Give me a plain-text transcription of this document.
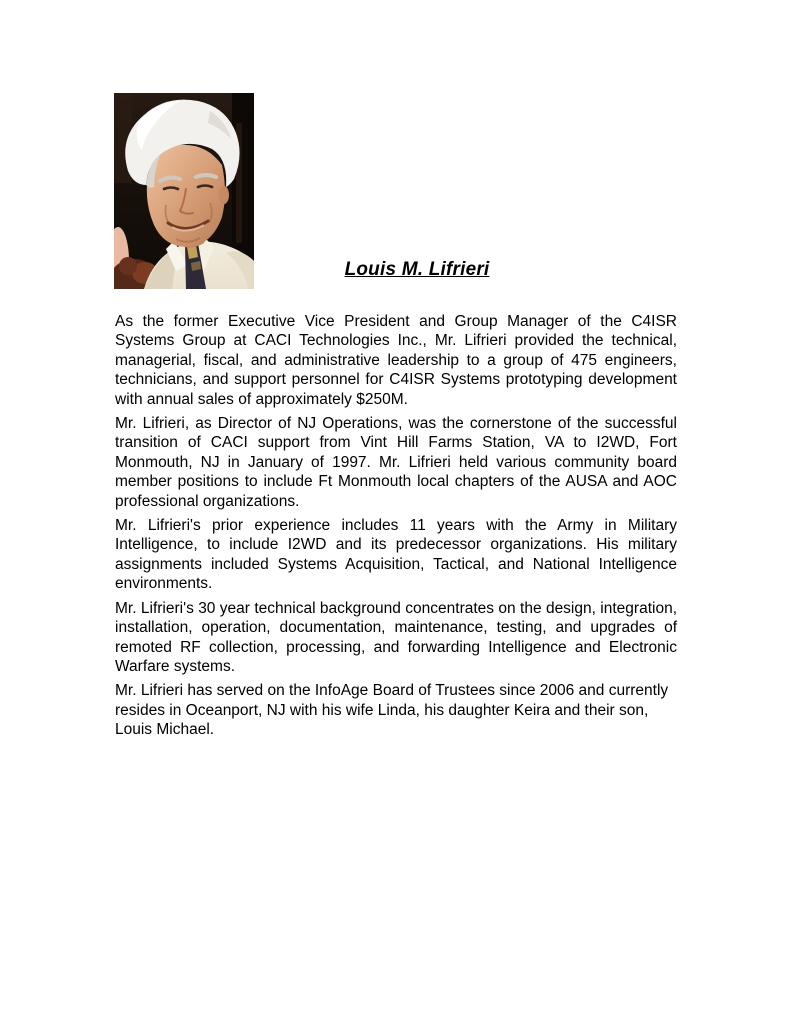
Louis M. Lifrieri

As the former Executive Vice President and Group Manager of the C4ISR Systems Group at CACI Technologies Inc., Mr. Lifrieri provided the technical, managerial, fiscal, and administrative leadership to a group of 475 engineers, technicians, and support personnel for C4ISR Systems prototyping development with annual sales of approximately $250M.

Mr. Lifrieri, as Director of NJ Operations, was the cornerstone of the successful transition of CACI support from Vint Hill Farms Station, VA to I2WD, Fort Monmouth, NJ in January of 1997. Mr. Lifrieri held various community board member positions to include Ft Monmouth local chapters of the AUSA and AOC professional organizations.

Mr. Lifrieri's prior experience includes 11 years with the Army in Military Intelligence, to include I2WD and its predecessor organizations. His military assignments included Systems Acquisition, Tactical, and National Intelligence environments.

Mr. Lifrieri's 30 year technical background concentrates on the design, integration, installation, operation, documentation, maintenance, testing, and upgrades of remoted RF collection, processing, and forwarding Intelligence and Electronic Warfare systems.

Mr. Lifrieri has served on the InfoAge Board of Trustees since 2006 and currently resides in Oceanport, NJ with his wife Linda, his daughter Keira and their son, Louis Michael.
